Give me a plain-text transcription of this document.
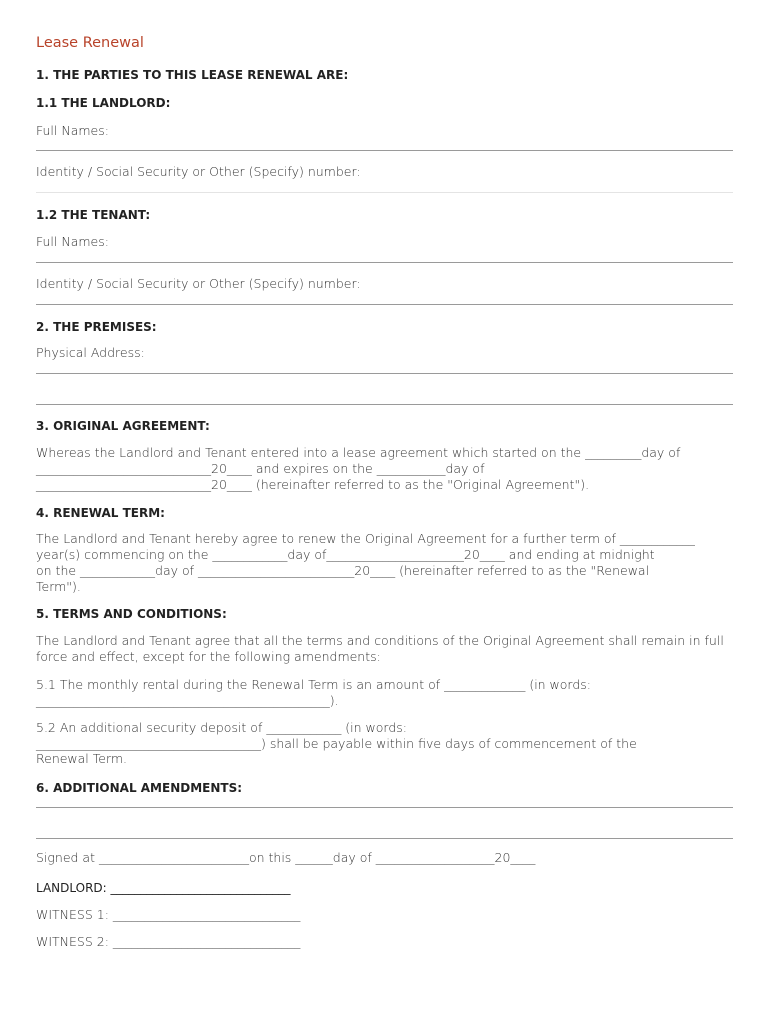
Lease Renewal
1. THE PARTIES TO THIS LEASE RENEWAL ARE:
1.1 THE LANDLORD:
Full Names:
Identity / Social Security or Other (Specify) number:
1.2 THE TENANT:
Full Names:
Identity / Social Security or Other (Specify) number:
2. THE PREMISES:
Physical Address:
3. ORIGINAL AGREEMENT:
Whereas the Landlord and Tenant entered into a lease agreement which started on the _________day of
____________________________20____ and expires on the ___________day of
____________________________20____ (hereinafter referred to as the "Original Agreement").
4. RENEWAL TERM:
The Landlord and Tenant hereby agree to renew the Original Agreement for a further term of ____________
year(s) commencing on the ____________day of______________________20____ and ending at midnight
on the ____________day of _________________________20____ (hereinafter referred to as the "Renewal
Term").
5. TERMS AND CONDITIONS:
The Landlord and Tenant agree that all the terms and conditions of the Original Agreement shall remain in full
force and effect, except for the following amendments:
5.1 The monthly rental during the Renewal Term is an amount of _____________ (in words:
_______________________________________________).
5.2 An additional security deposit of ____________ (in words:
____________________________________) shall be payable within five days of commencement of the
Renewal Term.
6. ADDITIONAL AMENDMENTS:
Signed at ________________________on this ______day of ___________________20____
LANDLORD: ______________________________
WITNESS 1: ______________________________
WITNESS 2: ______________________________
